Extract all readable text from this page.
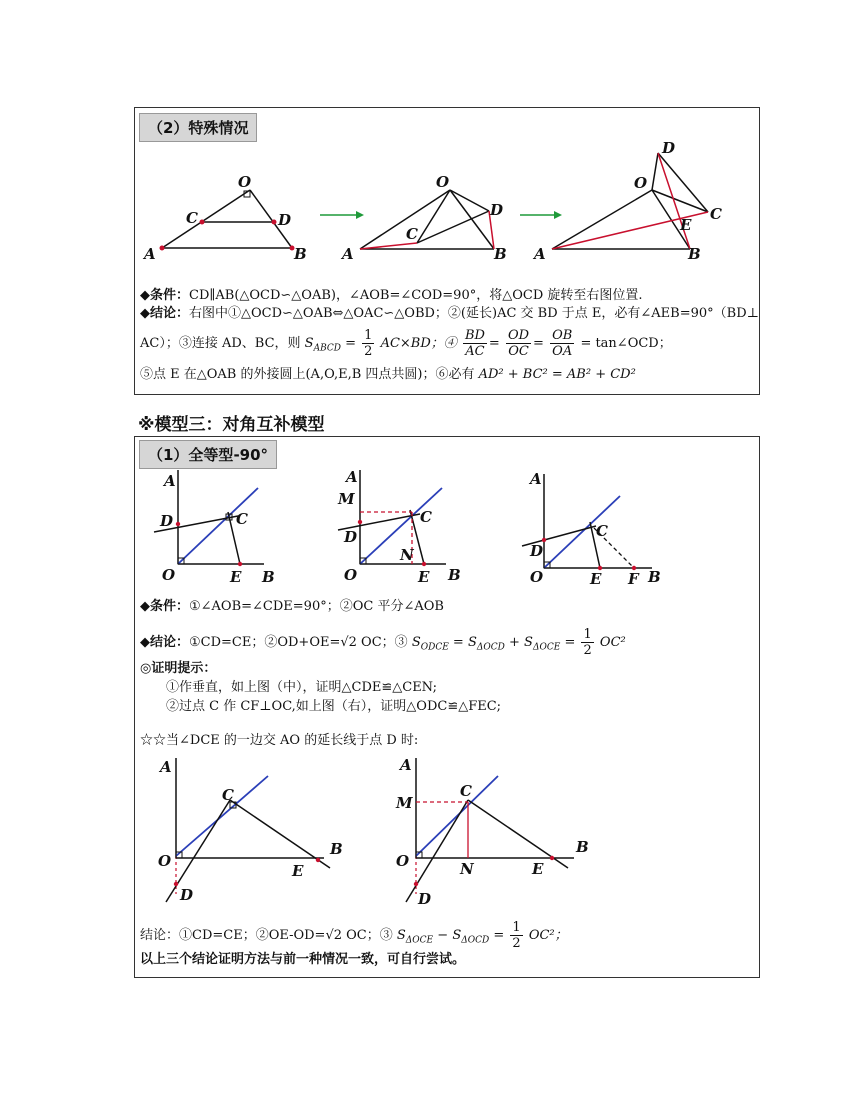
（2）特殊情况
O
C	D
A	B
O
C
D
A	B
O
D
C
E
A	B
◆条件：CD∥AB(△OCD∽△OAB)，∠AOB=∠COD=90°，将△OCD 旋转至右图位置.
◆结论：右图中①△OCD∽△OAB⇔△OAC∽△OBD；②(延长)AC 交 BD 于点 E，必有∠AEB=90°（BD⊥
AC）；③连接 AD、BC，则 $S_{ABCD} = \frac{1}{2} AC\times BD$；④ $\frac{BD}{AC} = \frac{OD}{OC} = \frac{OB}{OA}$ = tan∠OCD；
⑤点 E 在△OAB 的外接圆上(A,O,E,B 四点共圆)；⑥必有 AD² + BC² = AB² + CD²
※模型三：对角互补模型
（1）全等型-90°
A
D	C
O	E B
A
M
D
C
N
O	E B
A
D
C
O	E F B
◆条件：①∠AOB=∠CDE=90°；②OC 平分∠AOB
◆结论：①CD=CE；②OD+OE=√2 OC；③ $S_{ODCE} = S_{\Delta OCD} + S_{\Delta OCE} = \frac{1}{2} OC^2$
◎证明提示：
①作垂直，如上图（中），证明△CDE≌△CEN;
②过点 C 作 CF⊥OC,如上图（右），证明△ODC≌△FEC;
☆☆当∠DCE 的一边交 AO 的延长线于点 D 时:
A
C
O
B
E
D
A
M
C
O	N	E
B
D
结论：①CD=CE；②OE-OD=√2 OC；③ $S_{\Delta OCE} - S_{\Delta OCD} = \frac{1}{2} OC^2$；
以上三个结论证明方法与前一种情况一致，可自行尝试。
